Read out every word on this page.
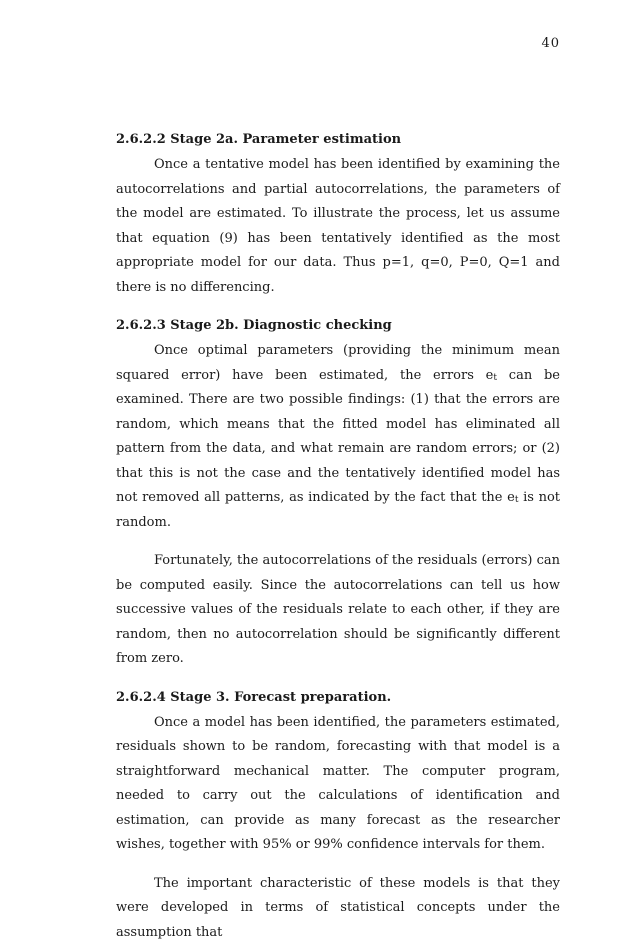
40
2.6.2.2 Stage 2a. Parameter estimation

Once a tentative model has been identified by examining the autocorrelations and partial autocorrelations, the parameters of the model are estimated. To illustrate the process, let us assume that equation (9) has been tentatively identified as the most appropriate model for our data. Thus p=1, q=0, P=0, Q=1 and there is no differencing.

2.6.2.3 Stage 2b. Diagnostic checking

Once optimal parameters (providing the minimum mean squared error) have been estimated, the errors $e_t$ can be examined. There are two possible findings: (1) that the errors are random, which means that the fitted model has eliminated all pattern from the data, and what remain are random errors; or (2) that this is not the case and the tentatively identified model has not removed all patterns, as indicated by the fact that the $e_t$ is not random.

Fortunately, the autocorrelations of the residuals (errors) can be computed easily. Since the autocorrelations can tell us how successive values of the residuals relate to each other, if they are random, then no autocorrelation should be significantly different from zero.

2.6.2.4 Stage 3. Forecast preparation.

Once a model has been identified, the parameters estimated, residuals shown to be random, forecasting with that model is a straightforward mechanical matter. The computer program, needed to carry out the calculations of identification and estimation, can provide as many forecast as the researcher wishes, together with 95% or 99% confidence intervals for them.

The important characteristic of these models is that they were developed in terms of statistical concepts under the assumption that
